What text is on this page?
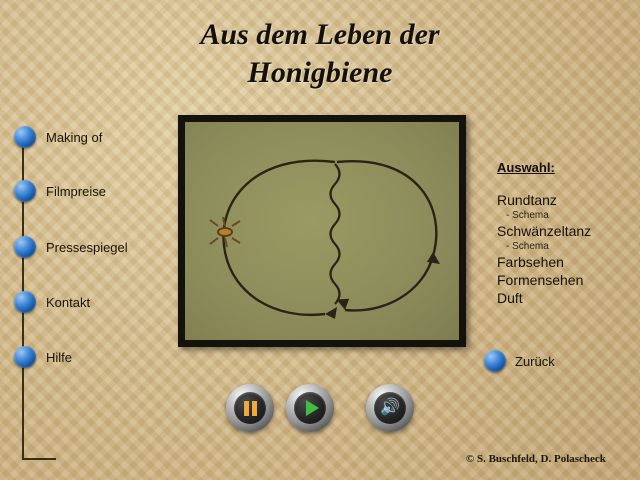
Aus dem Leben der
Honigbiene
Making of
Filmpreise
Pressespiegel
Kontakt
Hilfe
Auswahl:
Rundtanz
- Schema
Schwänzeltanz
- Schema
Farbsehen
Formensehen
Duft
Zurück
🔊
© S. Buschfeld, D. Polascheck
